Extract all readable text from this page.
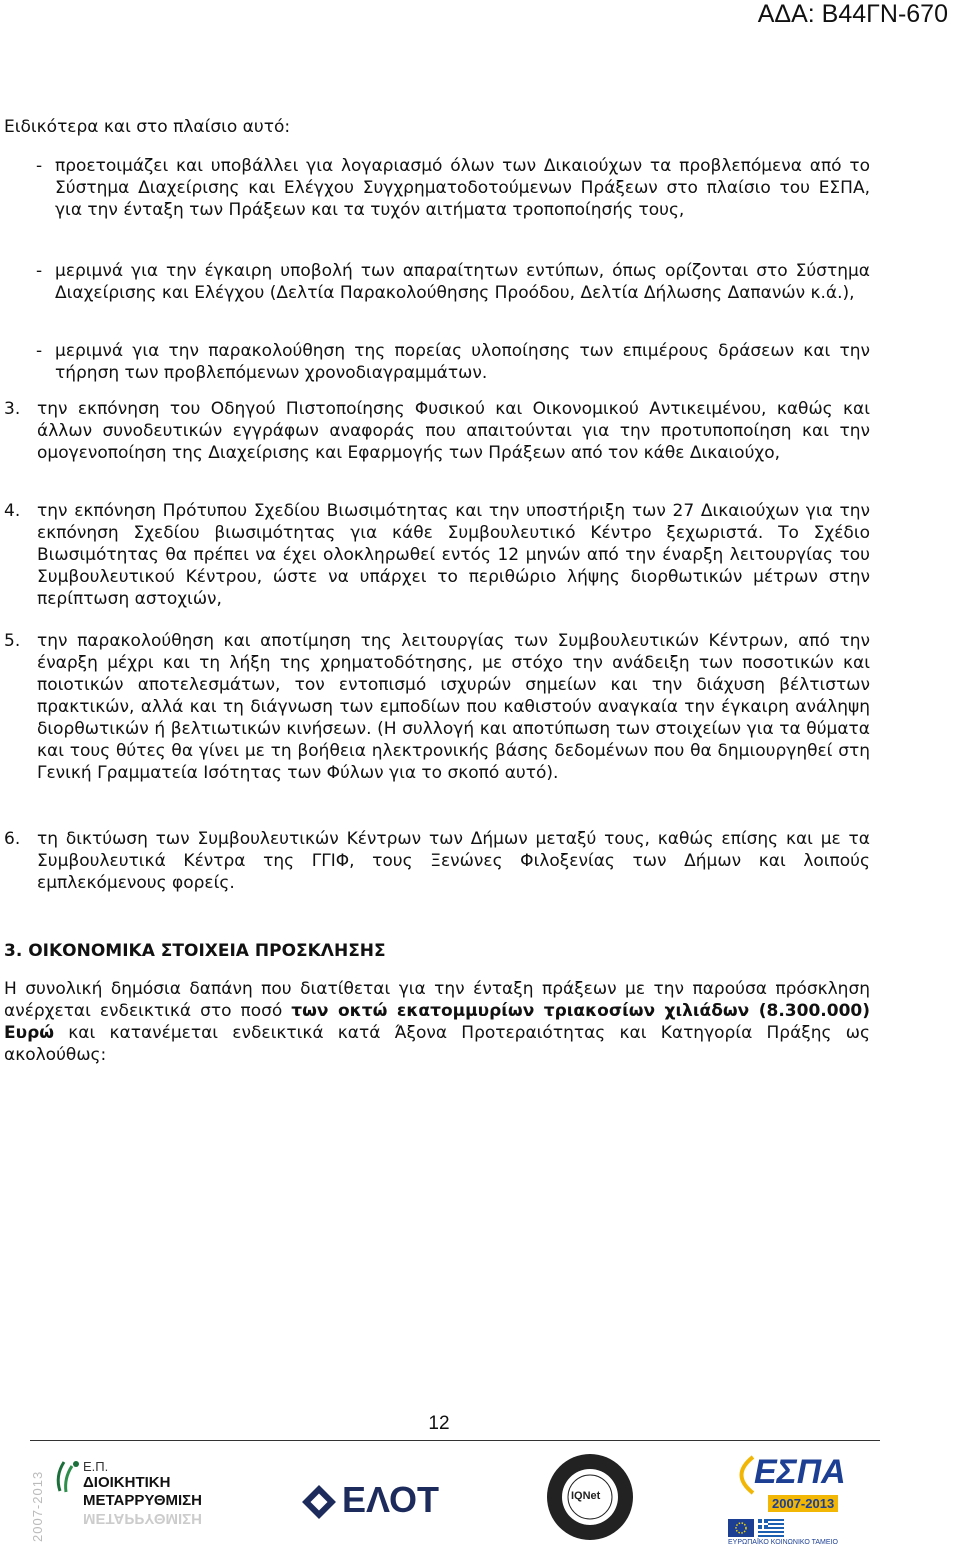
ΑΔΑ: Β44ΓΝ-670
Ειδικότερα και στο πλαίσιο αυτό:
- προετοιμάζει και υποβάλλει για λογαριασμό όλων των Δικαιούχων τα προβλεπόμενα από το Σύστημα Διαχείρισης και Ελέγχου Συγχρηματοδοτούμενων Πράξεων στο πλαίσιο του ΕΣΠΑ, για την ένταξη των Πράξεων και τα τυχόν αιτήματα τροποποίησής τους,
- μεριμνά για την έγκαιρη υποβολή των απαραίτητων εντύπων, όπως ορίζονται στο Σύστημα Διαχείρισης και Ελέγχου (Δελτία Παρακολούθησης Προόδου, Δελτία Δήλωσης Δαπανών κ.ά.),
- μεριμνά για την παρακολούθηση της πορείας υλοποίησης των επιμέρους δράσεων και την τήρηση των προβλεπόμενων χρονοδιαγραμμάτων.
3. την εκπόνηση του Οδηγού Πιστοποίησης Φυσικού και Οικονομικού Αντικειμένου, καθώς και άλλων συνοδευτικών εγγράφων αναφοράς που απαιτούνται για την προτυποποίηση και την ομογενοποίηση της Διαχείρισης και Εφαρμογής των Πράξεων από τον κάθε Δικαιούχο,
4. την εκπόνηση Πρότυπου Σχεδίου Βιωσιμότητας και την υποστήριξη των 27 Δικαιούχων για την εκπόνηση Σχεδίου βιωσιμότητας για κάθε Συμβουλευτικό Κέντρο ξεχωριστά. Το Σχέδιο Βιωσιμότητας θα πρέπει να έχει ολοκληρωθεί εντός 12 μηνών από την έναρξη λειτουργίας του Συμβουλευτικού Κέντρου, ώστε να υπάρχει το περιθώριο λήψης διορθωτικών μέτρων στην περίπτωση αστοχιών,
5. την παρακολούθηση και αποτίμηση της λειτουργίας των Συμβουλευτικών Κέντρων, από την έναρξη μέχρι και τη λήξη της χρηματοδότησης, με στόχο την ανάδειξη των ποσοτικών και ποιοτικών αποτελεσμάτων, τον εντοπισμό ισχυρών σημείων και την διάχυση βέλτιστων πρακτικών, αλλά και τη διάγνωση των εμποδίων που καθιστούν αναγκαία την έγκαιρη ανάληψη διορθωτικών ή βελτιωτικών κινήσεων. (Η συλλογή και αποτύπωση των στοιχείων για τα θύματα και τους θύτες θα γίνει με τη βοήθεια ηλεκτρονικής βάσης δεδομένων που θα δημιουργηθεί στη Γενική Γραμματεία Ισότητας των Φύλων για το σκοπό αυτό).
6. τη δικτύωση των Συμβουλευτικών Κέντρων των Δήμων μεταξύ τους, καθώς επίσης και με τα Συμβουλευτικά Κέντρα της ΓΓΙΦ, τους Ξενώνες Φιλοξενίας των Δήμων και λοιπούς εμπλεκόμενους φορείς.
3. ΟΙΚΟΝΟΜΙΚΑ ΣΤΟΙΧΕΙΑ ΠΡΟΣΚΛΗΣΗΣ
Η συνολική δημόσια δαπάνη που διατίθεται για την ένταξη πράξεων με την παρούσα πρόσκληση ανέρχεται ενδεικτικά στο ποσό των οκτώ εκατομμυρίων τριακοσίων χιλιάδων (8.300.000) Ευρώ και κατανέμεται ενδεικτικά κατά Άξονα Προτεραιότητας και Κατηγορία Πράξης ως ακολούθως:
12
2007-2013
Ε.Π.
ΔΙΟΙΚΗΤΙΚΗ
ΜΕΤΑΡΡΥΘΜΙΣΗ
ΜΕΤΑΡΡΥΘΜΙΣΗ	ΕΛΟΤ	IQNet
ΕΣΠΑ
2007-2013
ΕΥΡΩΠΑΪΚΟ ΚΟΙΝΩΝΙΚΟ ΤΑΜΕΙΟ
